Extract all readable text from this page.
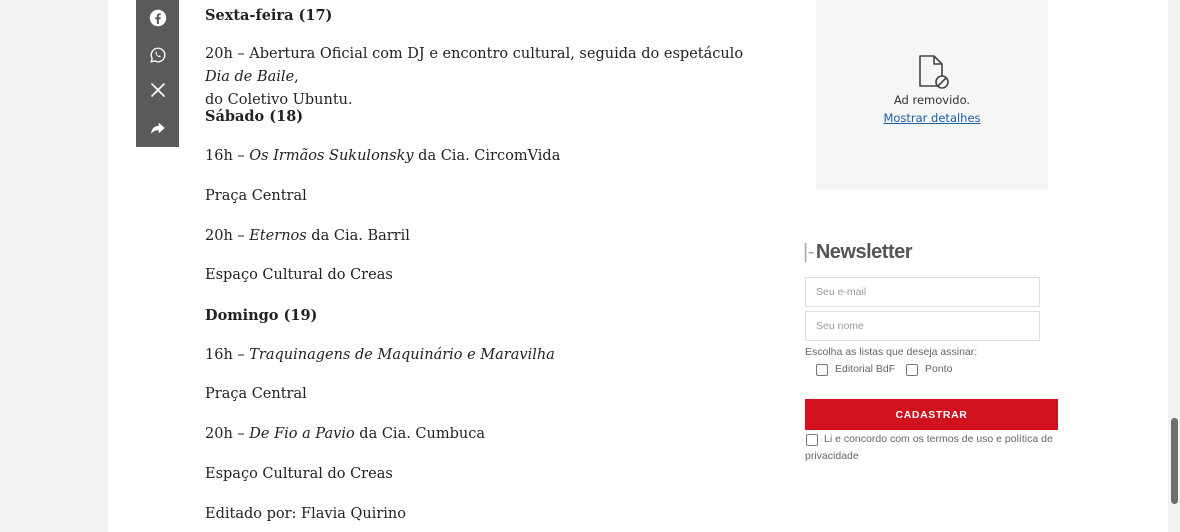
Sexta-feira (17)
20h – Abertura Oficial com DJ e encontro cultural, seguida do espetáculo Dia de Baile,
do Coletivo Ubuntu.
Sábado (18)
16h – Os Irmãos Sukulonsky da Cia. CircomVida
Praça Central
20h – Eternos da Cia. Barril
Espaço Cultural do Creas
Domingo (19)
16h – Traquinagens de Maquinário e Maravilha
Praça Central
20h – De Fio a Pavio da Cia. Cumbuca
Espaço Cultural do Creas
Editado por: Flavia Quirino
Ad removido.
Mostrar detalhes
|- Newsletter
Seu e-mail
Seu nome
Escolha as listas que deseja assinar:
Editorial BdF	Ponto
CADASTRAR
Li e concordo com os termos de uso e política de
privacidade
